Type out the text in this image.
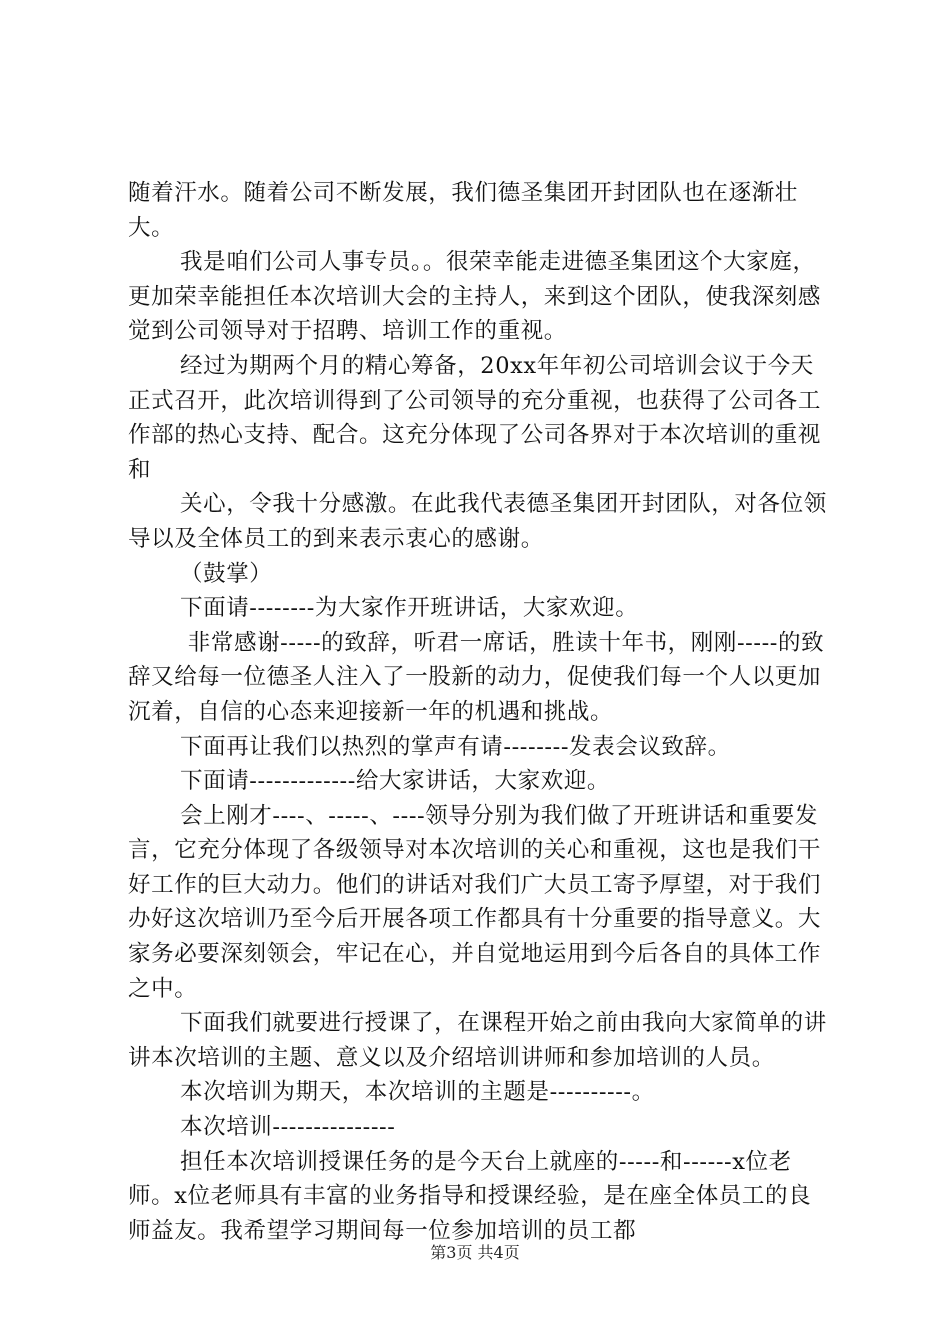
随着汗水。随着公司不断发展，我们德圣集团开封团队也在逐渐壮大。

我是咱们公司人事专员。。很荣幸能走进德圣集团这个大家庭，更加荣幸能担任本次培训大会的主持人，来到这个团队，使我深刻感觉到公司领导对于招聘、培训工作的重视。

经过为期两个月的精心筹备，20xx年年初公司培训会议于今天正式召开，此次培训得到了公司领导的充分重视，也获得了公司各工作部的热心支持、配合。这充分体现了公司各界对于本次培训的重视和

关心，令我十分感激。在此我代表德圣集团开封团队，对各位领导以及全体员工的到来表示衷心的感谢。

（鼓掌）

下面请--------为大家作开班讲话，大家欢迎。

非常感谢-----的致辞，听君一席话，胜读十年书，刚刚-----的致辞又给每一位德圣人注入了一股新的动力，促使我们每一个人以更加沉着，自信的心态来迎接新一年的机遇和挑战。

下面再让我们以热烈的掌声有请--------发表会议致辞。

下面请-------------给大家讲话，大家欢迎。

会上刚才----、-----、----领导分别为我们做了开班讲话和重要发言，它充分体现了各级领导对本次培训的关心和重视，这也是我们干好工作的巨大动力。他们的讲话对我们广大员工寄予厚望，对于我们办好这次培训乃至今后开展各项工作都具有十分重要的指导意义。大家务必要深刻领会，牢记在心，并自觉地运用到今后各自的具体工作之中。

下面我们就要进行授课了，在课程开始之前由我向大家简单的讲讲本次培训的主题、意义以及介绍培训讲师和参加培训的人员。

本次培训为期天，本次培训的主题是----------。

本次培训---------------

担任本次培训授课任务的是今天台上就座的-----和------x位老师。x位老师具有丰富的业务指导和授课经验，是在座全体员工的良师益友。我希望学习期间每一位参加培训的员工都

第3页 共4页
